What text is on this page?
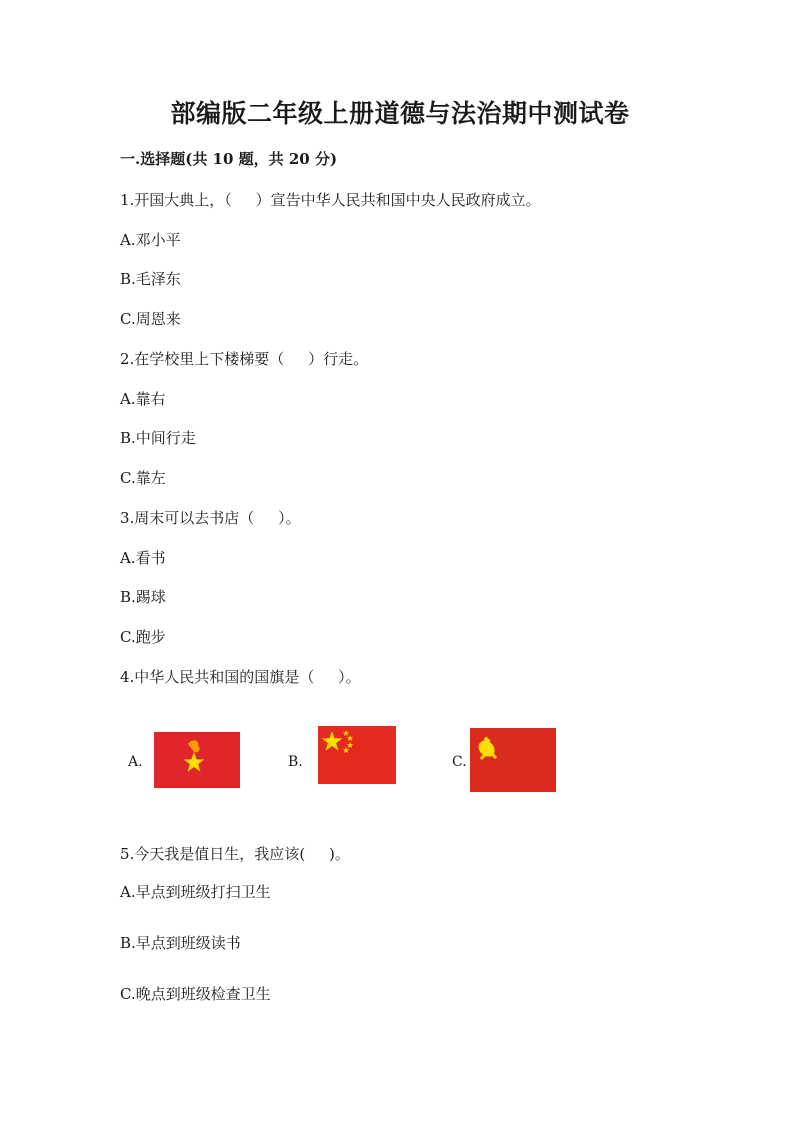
部编版二年级上册道德与法治期中测试卷
一.选择题(共 10 题，共 20 分)
1.开国大典上，（     ）宣告中华人民共和国中央人民政府成立。
A.邓小平
B.毛泽东
C.周恩来
2.在学校里上下楼梯要（     ）行走。
A.靠右
B.中间行走
C.靠左
3.周末可以去书店（     ）。
A.看书
B.踢球
C.跑步
4.中华人民共和国的国旗是（     ）。
A.	B.	C.
5.今天我是值日生，我应该(     )。
A.早点到班级打扫卫生
B.早点到班级读书
C.晚点到班级检查卫生
